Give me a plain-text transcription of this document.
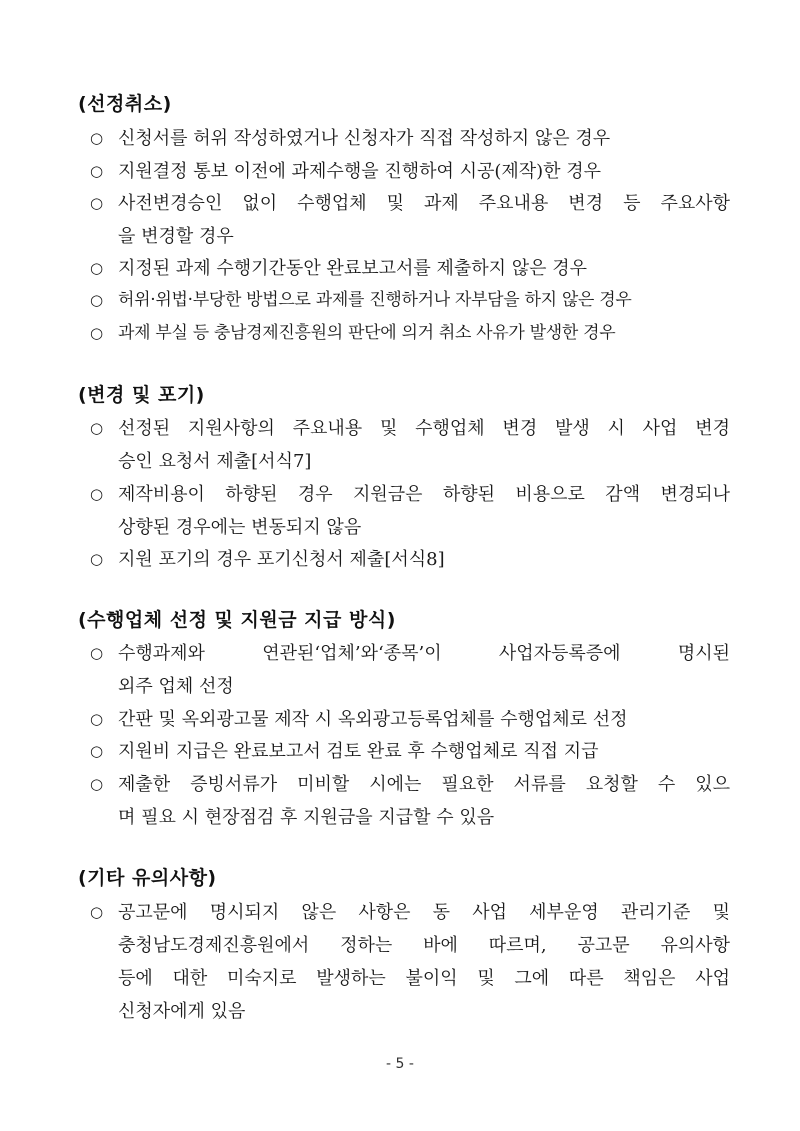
(선정취소)
○ 신청서를 허위 작성하였거나 신청자가 직접 작성하지 않은 경우
○ 지원결정 통보 이전에 과제수행을 진행하여 시공(제작)한 경우
○ 사전변경승인 없이 수행업체 및 과제 주요내용 변경 등 주요사항
을 변경할 경우
○ 지정된 과제 수행기간동안 완료보고서를 제출하지 않은 경우
○ 허위·위법·부당한 방법으로 과제를 진행하거나 자부담을 하지 않은 경우
○ 과제 부실 등 충남경제진흥원의 판단에 의거 취소 사유가 발생한 경우
(변경 및 포기)
○ 선정된 지원사항의 주요내용 및 수행업체 변경 발생 시 사업 변경
승인 요청서 제출[서식7]
○ 제작비용이 하향된 경우 지원금은 하향된 비용으로 감액 변경되나
상향된 경우에는 변동되지 않음
○ 지원 포기의 경우 포기신청서 제출[서식8]
(수행업체 선정 및 지원금 지급 방식)
○ 수행과제와 연관된‘업체’와‘종목’이 사업자등록증에 명시된
외주 업체 선정
○ 간판 및 옥외광고물 제작 시 옥외광고등록업체를 수행업체로 선정
○ 지원비 지급은 완료보고서 검토 완료 후 수행업체로 직접 지급
○ 제출한 증빙서류가 미비할 시에는 필요한 서류를 요청할 수 있으
며 필요 시 현장점검 후 지원금을 지급할 수 있음
(기타 유의사항)
○ 공고문에 명시되지 않은 사항은 동 사업 세부운영 관리기준 및
충청남도경제진흥원에서 정하는 바에 따르며, 공고문 유의사항
등에 대한 미숙지로 발생하는 불이익 및 그에 따른 책임은 사업
신청자에게 있음
- 5 -
